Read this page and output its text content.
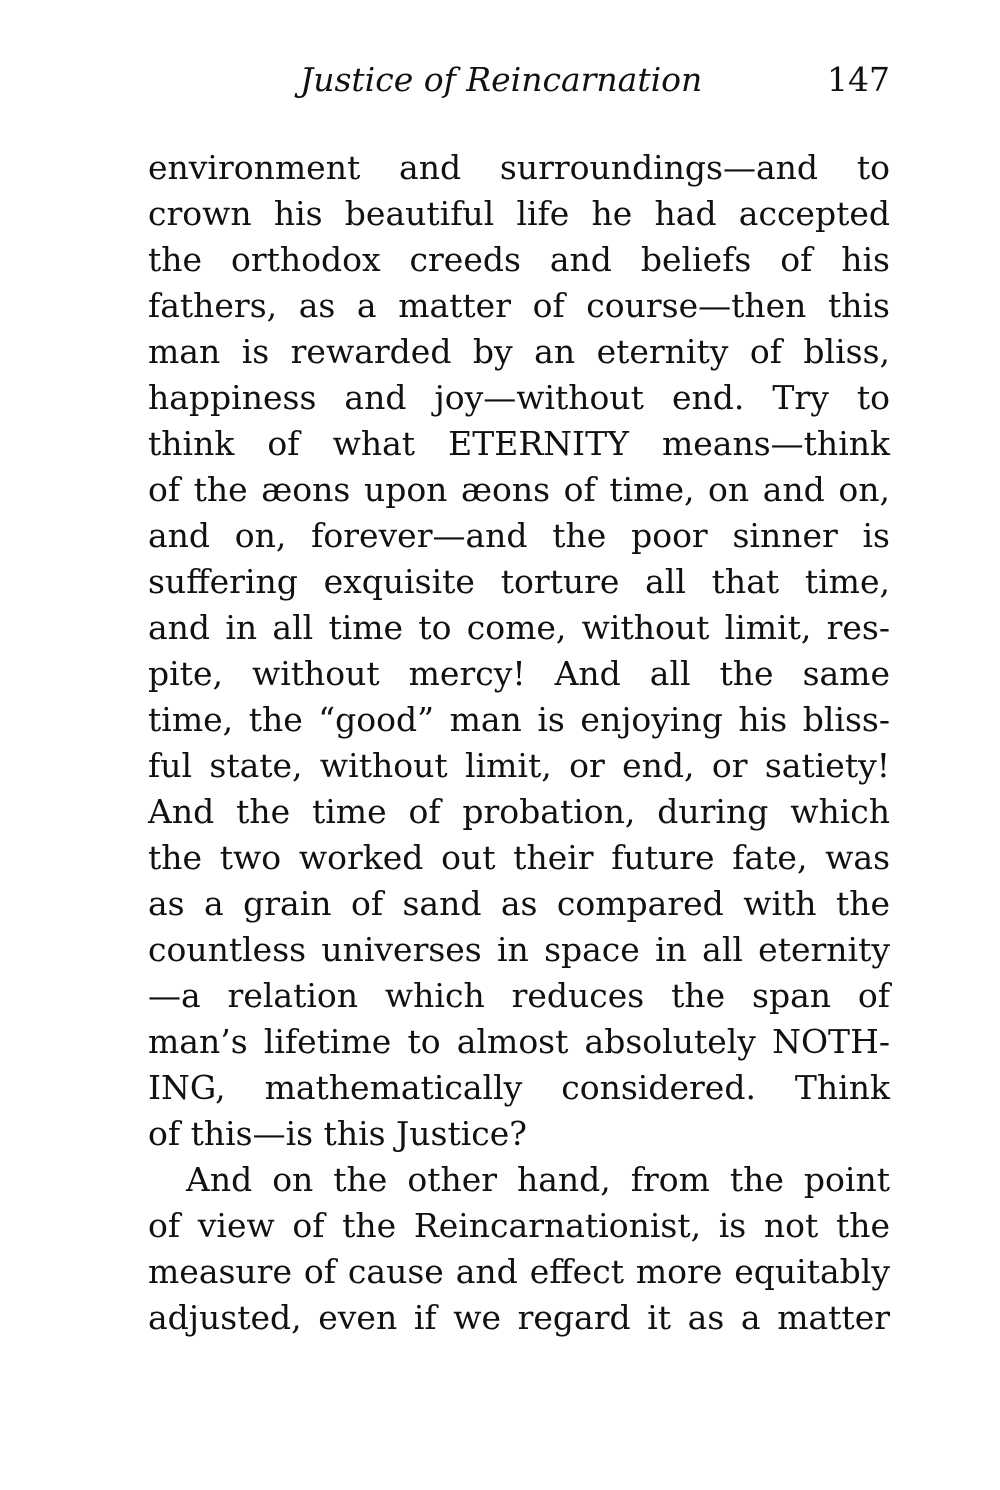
Justice of Reincarnation	147
environment and surroundings—and to
crown his beautiful life he had accepted
the orthodox creeds and beliefs of his
fathers, as a matter of course—then this
man is rewarded by an eternity of bliss,
happiness and joy—without end. Try to
think of what ETERNITY means—think
of the æons upon æons of time, on and on,
and on, forever—and the poor sinner is
suffering exquisite torture all that time,
and in all time to come, without limit, res-
pite, without mercy! And all the same
time, the “good” man is enjoying his bliss-
ful state, without limit, or end, or satiety!
And the time of probation, during which
the two worked out their future fate, was
as a grain of sand as compared with the
countless universes in space in all eternity
—a relation which reduces the span of
man’s lifetime to almost absolutely NOTH-
ING, mathematically considered. Think
of this—is this Justice?
And on the other hand, from the point
of view of the Reincarnationist, is not the
measure of cause and effect more equitably
adjusted, even if we regard it as a matter
